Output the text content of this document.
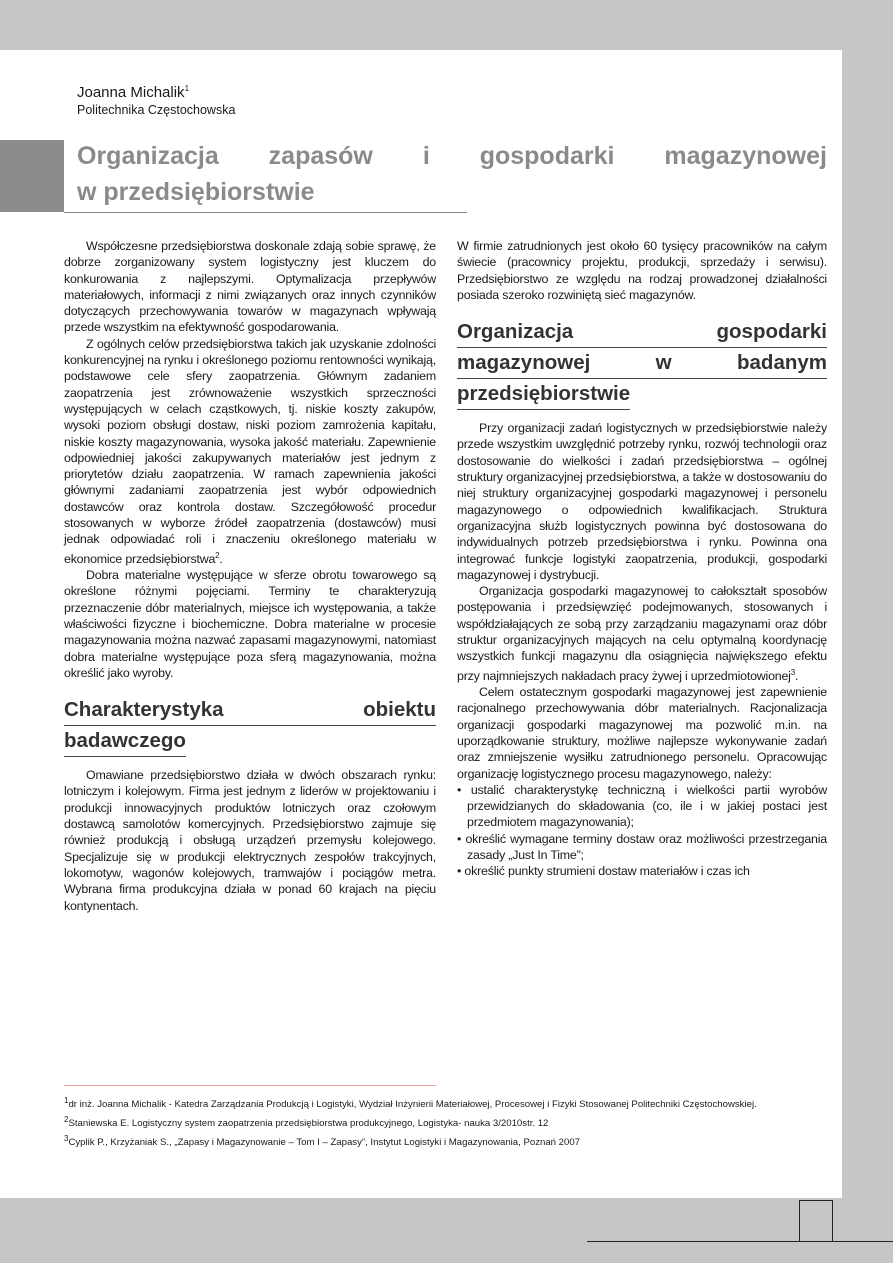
Joanna Michalik$^1$
Politechnika Częstochowska
Organizacja zapasów i gospodarki magazynowej
w przedsiębiorstwie

Współczesne przedsiębiorstwa doskonale zdają sobie sprawę, że dobrze zorganizowany system logistyczny jest kluczem do konkurowania z najlepszymi. Optymalizacja przepływów materiałowych, informacji z nimi związanych oraz innych czynników dotyczących przechowywania towarów w magazynach wpływają przede wszystkim na efektywność gospodarowania.

Z ogólnych celów przedsiębiorstwa takich jak uzyskanie zdolności konkurencyjnej na rynku i określonego poziomu rentowności wynikają, podstawowe cele sfery zaopatrzenia. Głównym zadaniem zaopatrzenia jest zrównoważenie wszystkich sprzeczności występujących w celach cząstkowych, tj. niskie koszty zakupów, wysoki poziom obsługi dostaw, niski poziom zamrożenia kapitału, niskie koszty magazynowania, wysoka jakość materiału. Zapewnienie odpowiedniej jakości zakupywanych materiałów jest jednym z priorytetów działu zaopatrzenia. W ramach zapewnienia jakości głównymi zadaniami zaopatrzenia jest wybór odpowiednich dostawców oraz kontrola dostaw. Szczegółowość procedur stosowanych w wyborze źródeł zaopatrzenia (dostawców) musi jednak odpowiadać roli i znaczeniu określonego materiału w ekonomice przedsiębiorstwa$^2$.

Dobra materialne występujące w sferze obrotu towarowego są określone różnymi pojęciami. Terminy te charakteryzują przeznaczenie dóbr materialnych, miejsce ich występowania, a także właściwości fizyczne i biochemiczne. Dobra materialne w procesie magazynowania można nazwać zapasami magazynowymi, natomiast dobra materialne występujące poza sferą magazynowania, można określić jako wyroby.

Charakterystyka obiektu
badawczego

Omawiane przedsiębiorstwo działa w dwóch obszarach rynku: lotniczym i kolejowym. Firma jest jednym z liderów w projektowaniu i produkcji innowacyjnych produktów lotniczych oraz czołowym dostawcą samolotów komercyjnych. Przedsiębiorstwo zajmuje się również produkcją i obsługą urządzeń przemysłu kolejowego. Specjalizuje się w produkcji elektrycznych zespołów trakcyjnych, lokomotyw, wagonów kolejowych, tramwajów i pociągów metra. Wybrana firma produkcyjna działa w ponad 60 krajach na pięciu kontynentach.

W firmie zatrudnionych jest około 60 tysięcy pracowników na całym świecie (pracownicy projektu, produkcji, sprzedaży i serwisu). Przedsiębiorstwo ze względu na rodzaj prowadzonej działalności posiada szeroko rozwiniętą sieć magazynów.

Organizacja gospodarki
magazynowej w badanym
przedsiębiorstwie

Przy organizacji zadań logistycznych w przedsiębiorstwie należy przede wszystkim uwzględnić potrzeby rynku, rozwój technologii oraz dostosowanie do wielkości i zadań przedsiębiorstwa – ogólnej struktury organizacyjnej przedsiębiorstwa, a także w dostosowaniu do niej struktury organizacyjnej gospodarki magazynowej i personelu magazynowego o odpowiednich kwalifikacjach. Struktura organizacyjna służb logistycznych powinna być dostosowana do indywidualnych potrzeb przedsiębiorstwa i rynku. Powinna ona integrować funkcje logistyki zaopatrzenia, produkcji, gospodarki magazynowej i dystrybucji.

Organizacja gospodarki magazynowej to całokształt sposobów postępowania i przedsięwzięć podejmowanych, stosowanych i współdziałających ze sobą przy zarządzaniu magazynami oraz dóbr struktur organizacyjnych mających na celu optymalną koordynację wszystkich funkcji magazynu dla osiągnięcia największego efektu przy najmniejszych nakładach pracy żywej i uprzedmiotowionej$^3$.

Celem ostatecznym gospodarki magazynowej jest zapewnienie racjonalnego przechowywania dóbr materialnych. Racjonalizacja organizacji gospodarki magazynowej ma pozwolić m.in. na uporządkowanie struktury, możliwe najlepsze wykonywanie zadań oraz zmniejszenie wysiłku zatrudnionego personelu. Opracowując organizację logistycznego procesu magazynowego, należy:

• ustalić charakterystykę techniczną i wielkości partii wyrobów przewidzianych do składowania (co, ile i w jakiej postaci jest przedmiotem magazynowania);
• określić wymagane terminy dostaw oraz możliwości przestrzegania zasady „Just In Time”;
• określić punkty strumieni dostaw materiałów i czas ich
$^1$dr inż. Joanna Michalik - Katedra Zarządzania Produkcją i Logistyki, Wydział Inżynierii Materiałowej, Procesowej i Fizyki Stosowanej Politechniki Częstochowskiej.
$^2$Staniewska E. Logistyczny system zaopatrzenia przedsiębiorstwa produkcyjnego, Logistyka- nauka 3/2010str. 12
$^3$Cyplik P., Krzyżaniak S., „Zapasy i Magazynowanie – Tom I – Zapasy”, Instytut Logistyki i Magazynowania, Poznań 2007
